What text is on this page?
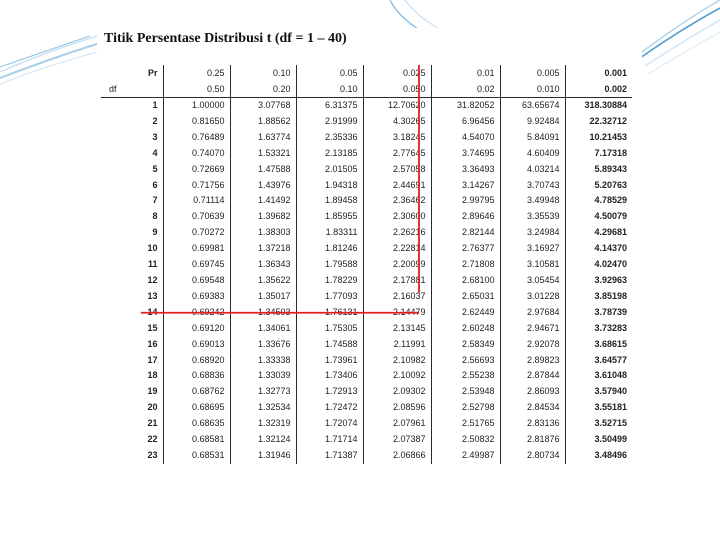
Titik Persentase Distribusi t (df = 1 – 40)
Pr	0.25	0.10	0.05	0.025	0.01	0.005	0.001
df	0.50	0.20	0.10	0.050	0.02	0.010	0.002
1	1.00000	3.07768	6.31375	12.70620	31.82052	63.65674	318.30884
2	0.81650	1.88562	2.91999	4.30265	6.96456	9.92484	22.32712
3	0.76489	1.63774	2.35336	3.18245	4.54070	5.84091	10.21453
4	0.74070	1.53321	2.13185	2.77645	3.74695	4.60409	7.17318
5	0.72669	1.47588	2.01505	2.57058	3.36493	4.03214	5.89343
6	0.71756	1.43976	1.94318	2.44691	3.14267	3.70743	5.20763
7	0.71114	1.41492	1.89458	2.36462	2.99795	3.49948	4.78529
8	0.70639	1.39682	1.85955	2.30600	2.89646	3.35539	4.50079
9	0.70272	1.38303	1.83311	2.26216	2.82144	3.24984	4.29681
10	0.69981	1.37218	1.81246	2.22814	2.76377	3.16927	4.14370
11	0.69745	1.36343	1.79588	2.20099	2.71808	3.10581	4.02470
12	0.69548	1.35622	1.78229	2.17881	2.68100	3.05454	3.92963
13	0.69383	1.35017	1.77093	2.16037	2.65031	3.01228	3.85198
14	0.69242	1.34503	1.76131	2.14479	2.62449	2.97684	3.78739
15	0.69120	1.34061	1.75305	2.13145	2.60248	2.94671	3.73283
16	0.69013	1.33676	1.74588	2.11991	2.58349	2.92078	3.68615
17	0.68920	1.33338	1.73961	2.10982	2.56693	2.89823	3.64577
18	0.68836	1.33039	1.73406	2.10092	2.55238	2.87844	3.61048
19	0.68762	1.32773	1.72913	2.09302	2.53948	2.86093	3.57940
20	0.68695	1.32534	1.72472	2.08596	2.52798	2.84534	3.55181
21	0.68635	1.32319	1.72074	2.07961	2.51765	2.83136	3.52715
22	0.68581	1.32124	1.71714	2.07387	2.50832	2.81876	3.50499
23	0.68531	1.31946	1.71387	2.06866	2.49987	2.80734	3.48496
